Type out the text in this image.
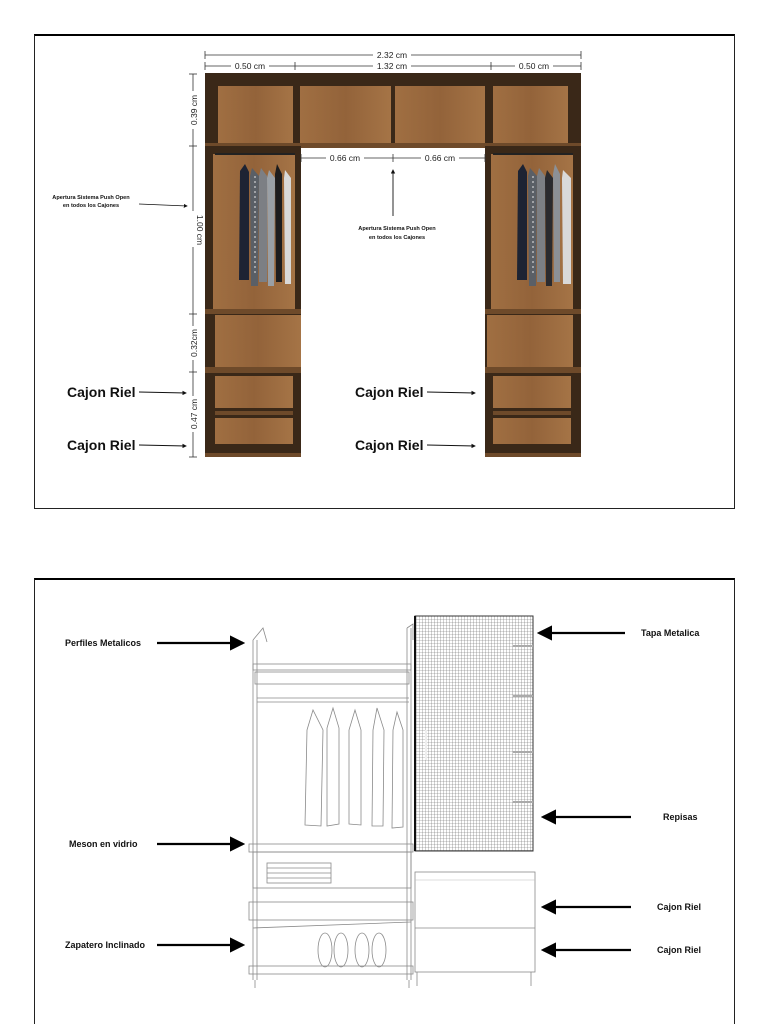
2.32 cm
0.50 cm	1.32 cm	0.50 cm
0.39 cm
1.00 cm
0.32cm
0.47 cm
0.66 cm	0.66 cm
Apertura Sistema Push Open
en todos los Cajones
Apertura Sistema Push Open
en todos los Cajones
Cajon Riel
Cajon Riel
Cajon Riel
Cajon Riel
Perfiles Metalicos
Meson en vidrio
Zapatero Inclinado
Tapa Metalica
Repisas
Cajon Riel
Cajon Riel
